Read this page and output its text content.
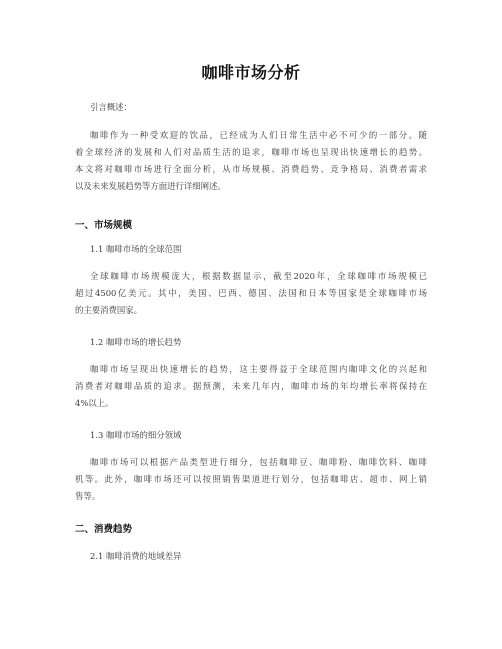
咖啡市场分析
引言概述：
咖啡作为一种受欢迎的饮品，已经成为人们日常生活中必不可少的一部分。随
着全球经济的发展和人们对品质生活的追求，咖啡市场也呈现出快速增长的趋势。
本文将对咖啡市场进行全面分析，从市场规模、消费趋势、竞争格局、消费者需求
以及未来发展趋势等方面进行详细阐述。
一、市场规模
1.1 咖啡市场的全球范围
全球咖啡市场规模庞大，根据数据显示，截至2020年，全球咖啡市场规模已
超过4500亿美元。其中，美国、巴西、德国、法国和日本等国家是全球咖啡市场
的主要消费国家。
1.2 咖啡市场的增长趋势
咖啡市场呈现出快速增长的趋势，这主要得益于全球范围内咖啡文化的兴起和
消费者对咖啡品质的追求。据预测，未来几年内，咖啡市场的年均增长率将保持在
4%以上。
1.3 咖啡市场的细分领域
咖啡市场可以根据产品类型进行细分，包括咖啡豆、咖啡粉、咖啡饮料、咖啡
机等。此外，咖啡市场还可以按照销售渠道进行划分，包括咖啡店、超市、网上销
售等。
二、消费趋势
2.1 咖啡消费的地域差异
